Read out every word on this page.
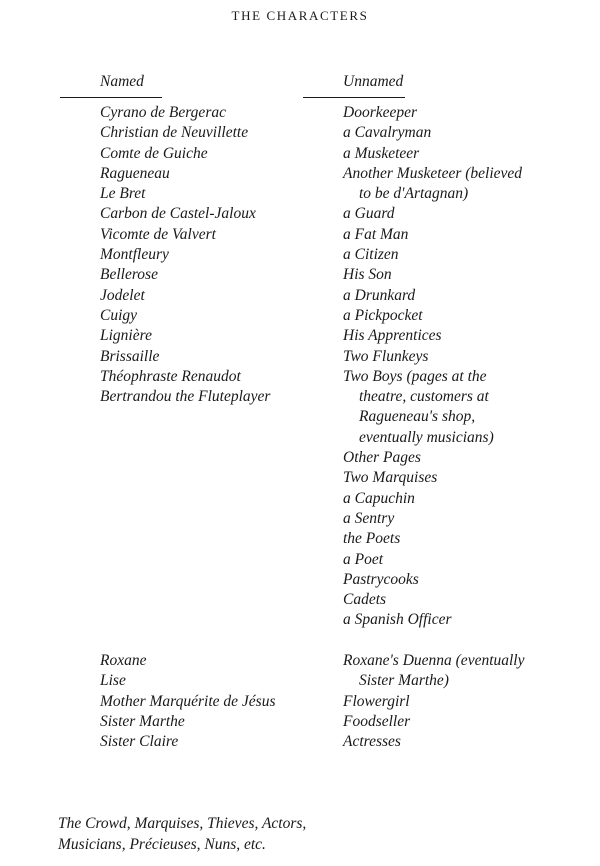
THE CHARACTERS
Named	Unnamed
Cyrano de Bergerac
Christian de Neuvillette
Comte de Guiche
Ragueneau
Le Bret
Carbon de Castel-Jaloux
Vicomte de Valvert
Montfleury
Bellerose
Jodelet
Cuigy
Lignière
Brissaille
Théophraste Renaudot
Bertrandou the Fluteplayer
Doorkeeper
a Cavalryman
a Musketeer
Another Musketeer (believed
to be d'Artagnan)
a Guard
a Fat Man
a Citizen
His Son
a Drunkard
a Pickpocket
His Apprentices
Two Flunkeys
Two Boys (pages at the
theatre, customers at
Ragueneau's shop,
eventually musicians)
Other Pages
Two Marquises
a Capuchin
a Sentry
the Poets
a Poet
Pastrycooks
Cadets
a Spanish Officer
Roxane
Lise
Mother Marquérite de Jésus
Sister Marthe
Sister Claire
Roxane's Duenna (eventually
Sister Marthe)
Flowergirl
Foodseller
Actresses
The Crowd, Marquises, Thieves, Actors,
Musicians, Précieuses, Nuns, etc.
